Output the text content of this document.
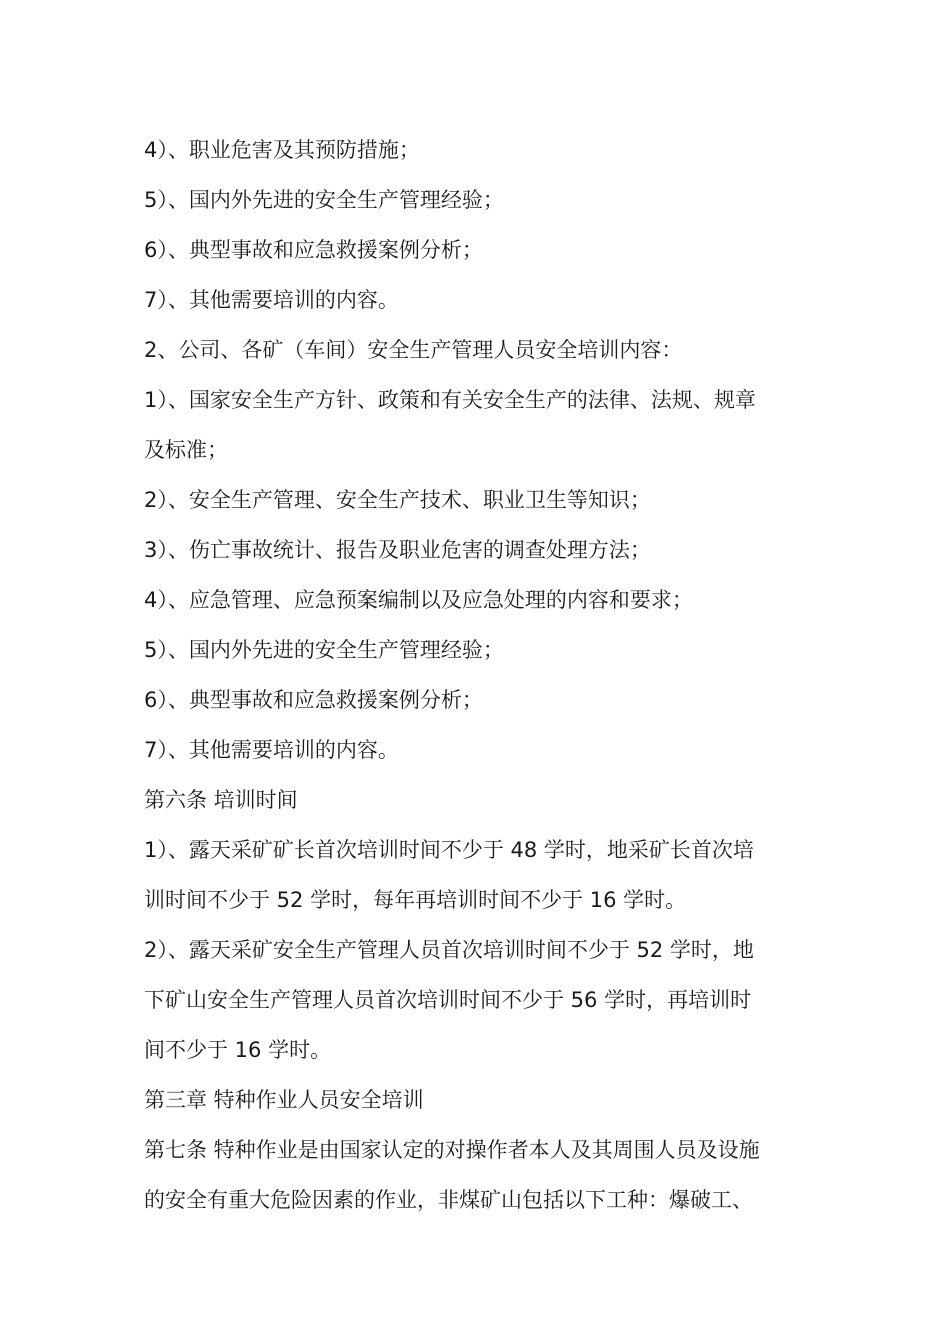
4）、职业危害及其预防措施；
5）、国内外先进的安全生产管理经验；
6）、典型事故和应急救援案例分析；
7）、其他需要培训的内容。
2、公司、各矿（车间）安全生产管理人员安全培训内容：
1）、国家安全生产方针、政策和有关安全生产的法律、法规、规章
及标准；
2）、安全生产管理、安全生产技术、职业卫生等知识；
3）、伤亡事故统计、报告及职业危害的调查处理方法；
4）、应急管理、应急预案编制以及应急处理的内容和要求；
5）、国内外先进的安全生产管理经验；
6）、典型事故和应急救援案例分析；
7）、其他需要培训的内容。
第六条 培训时间
1）、露天采矿矿长首次培训时间不少于 48 学时，地采矿长首次培
训时间不少于 52 学时，每年再培训时间不少于 16 学时。
2）、露天采矿安全生产管理人员首次培训时间不少于 52 学时，地
下矿山安全生产管理人员首次培训时间不少于 56 学时，再培训时
间不少于 16 学时。
第三章 特种作业人员安全培训
第七条 特种作业是由国家认定的对操作者本人及其周围人员及设施
的安全有重大危险因素的作业，非煤矿山包括以下工种：爆破工、
